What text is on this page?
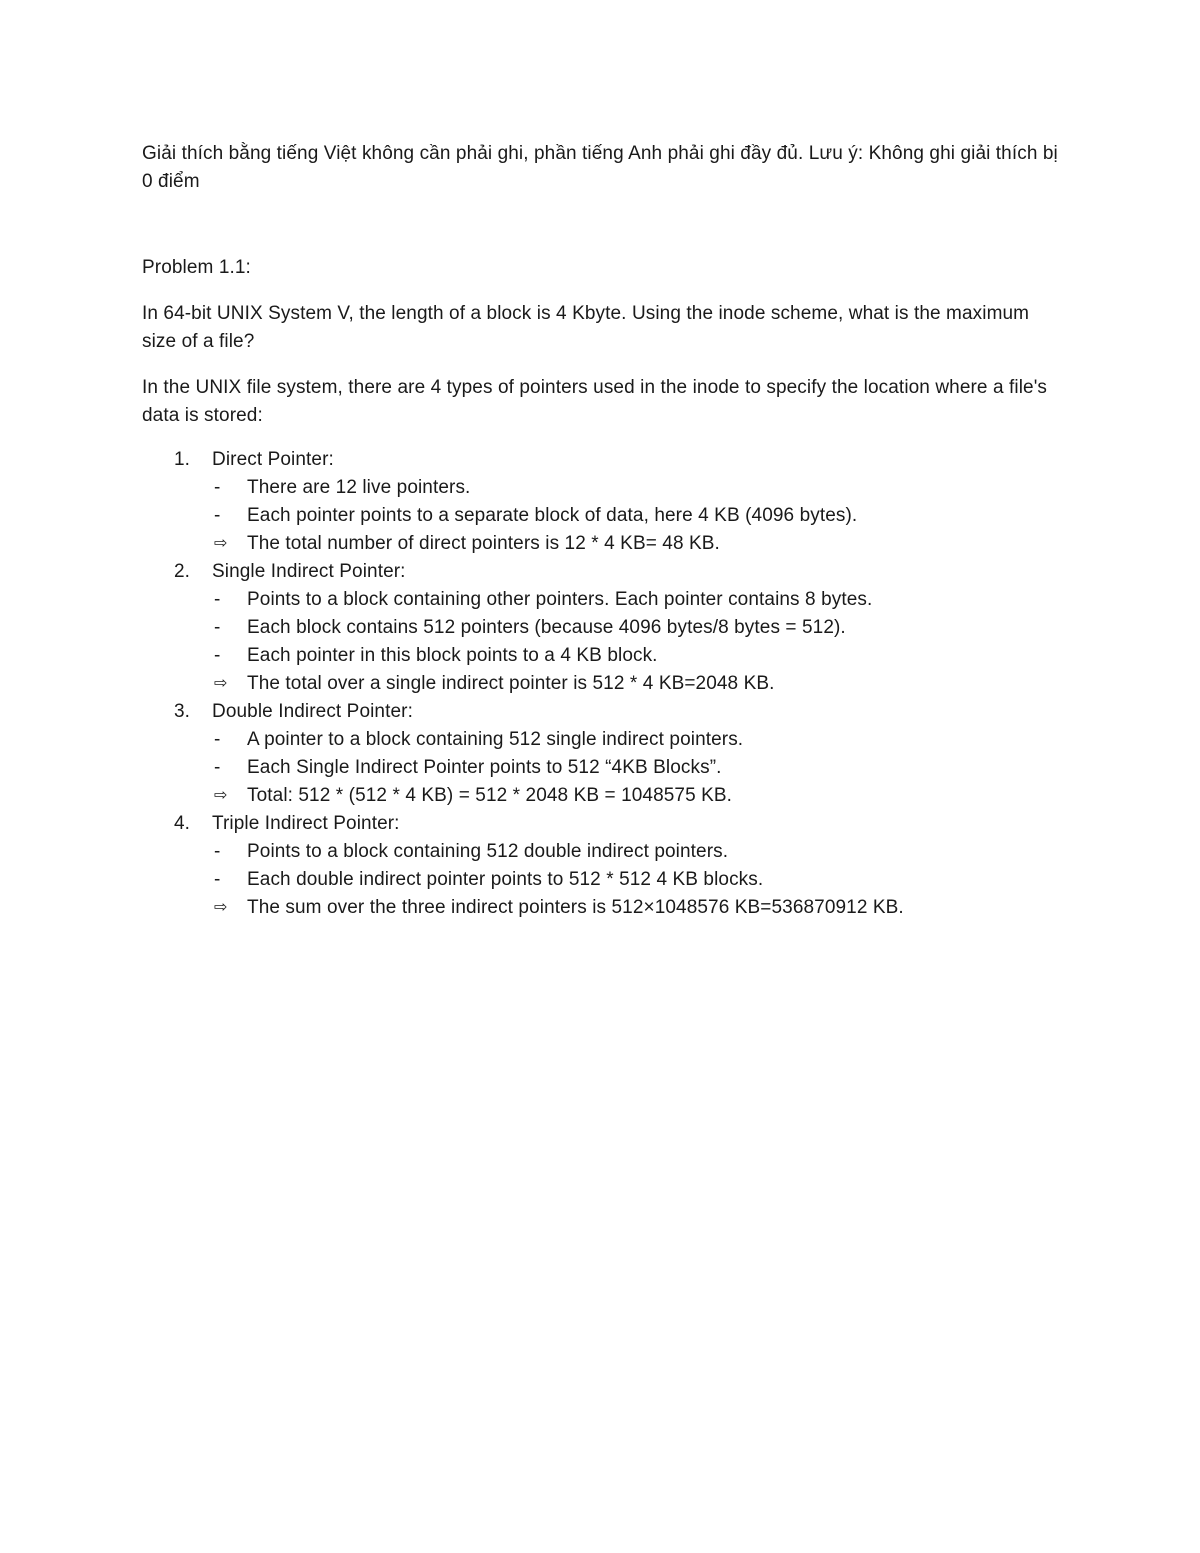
Giải thích bằng tiếng Việt không cần phải ghi, phần tiếng Anh phải ghi đầy đủ. Lưu ý: Không ghi giải thích bị 0 điểm

Problem 1.1:

In 64-bit UNIX System V, the length of a block is 4 Kbyte. Using the inode scheme, what is the maximum size of a file?

In the UNIX file system, there are 4 types of pointers used in the inode to specify the location where a file's data is stored:

1.	Direct Pointer:
-	There are 12 live pointers.
-	Each pointer points to a separate block of data, here 4 KB (4096 bytes).
⇨	The total number of direct pointers is 12 * 4 KB= 48 KB.
2.	Single Indirect Pointer:
-	Points to a block containing other pointers. Each pointer contains 8 bytes.
-	Each block contains 512 pointers (because 4096 bytes/8 bytes = 512).
-	Each pointer in this block points to a 4 KB block.
⇨	The total over a single indirect pointer is 512 * 4 KB=2048 KB.
3.	Double Indirect Pointer:
-	A pointer to a block containing 512 single indirect pointers.
-	Each Single Indirect Pointer points to 512 “4KB Blocks”.
⇨	Total: 512 * (512 * 4 KB) = 512 * 2048 KB = 1048575 KB.
4.	Triple Indirect Pointer:
-	Points to a block containing 512 double indirect pointers.
-	Each double indirect pointer points to 512 * 512 4 KB blocks.
⇨	The sum over the three indirect pointers is 512×1048576 KB=536870912 KB.
